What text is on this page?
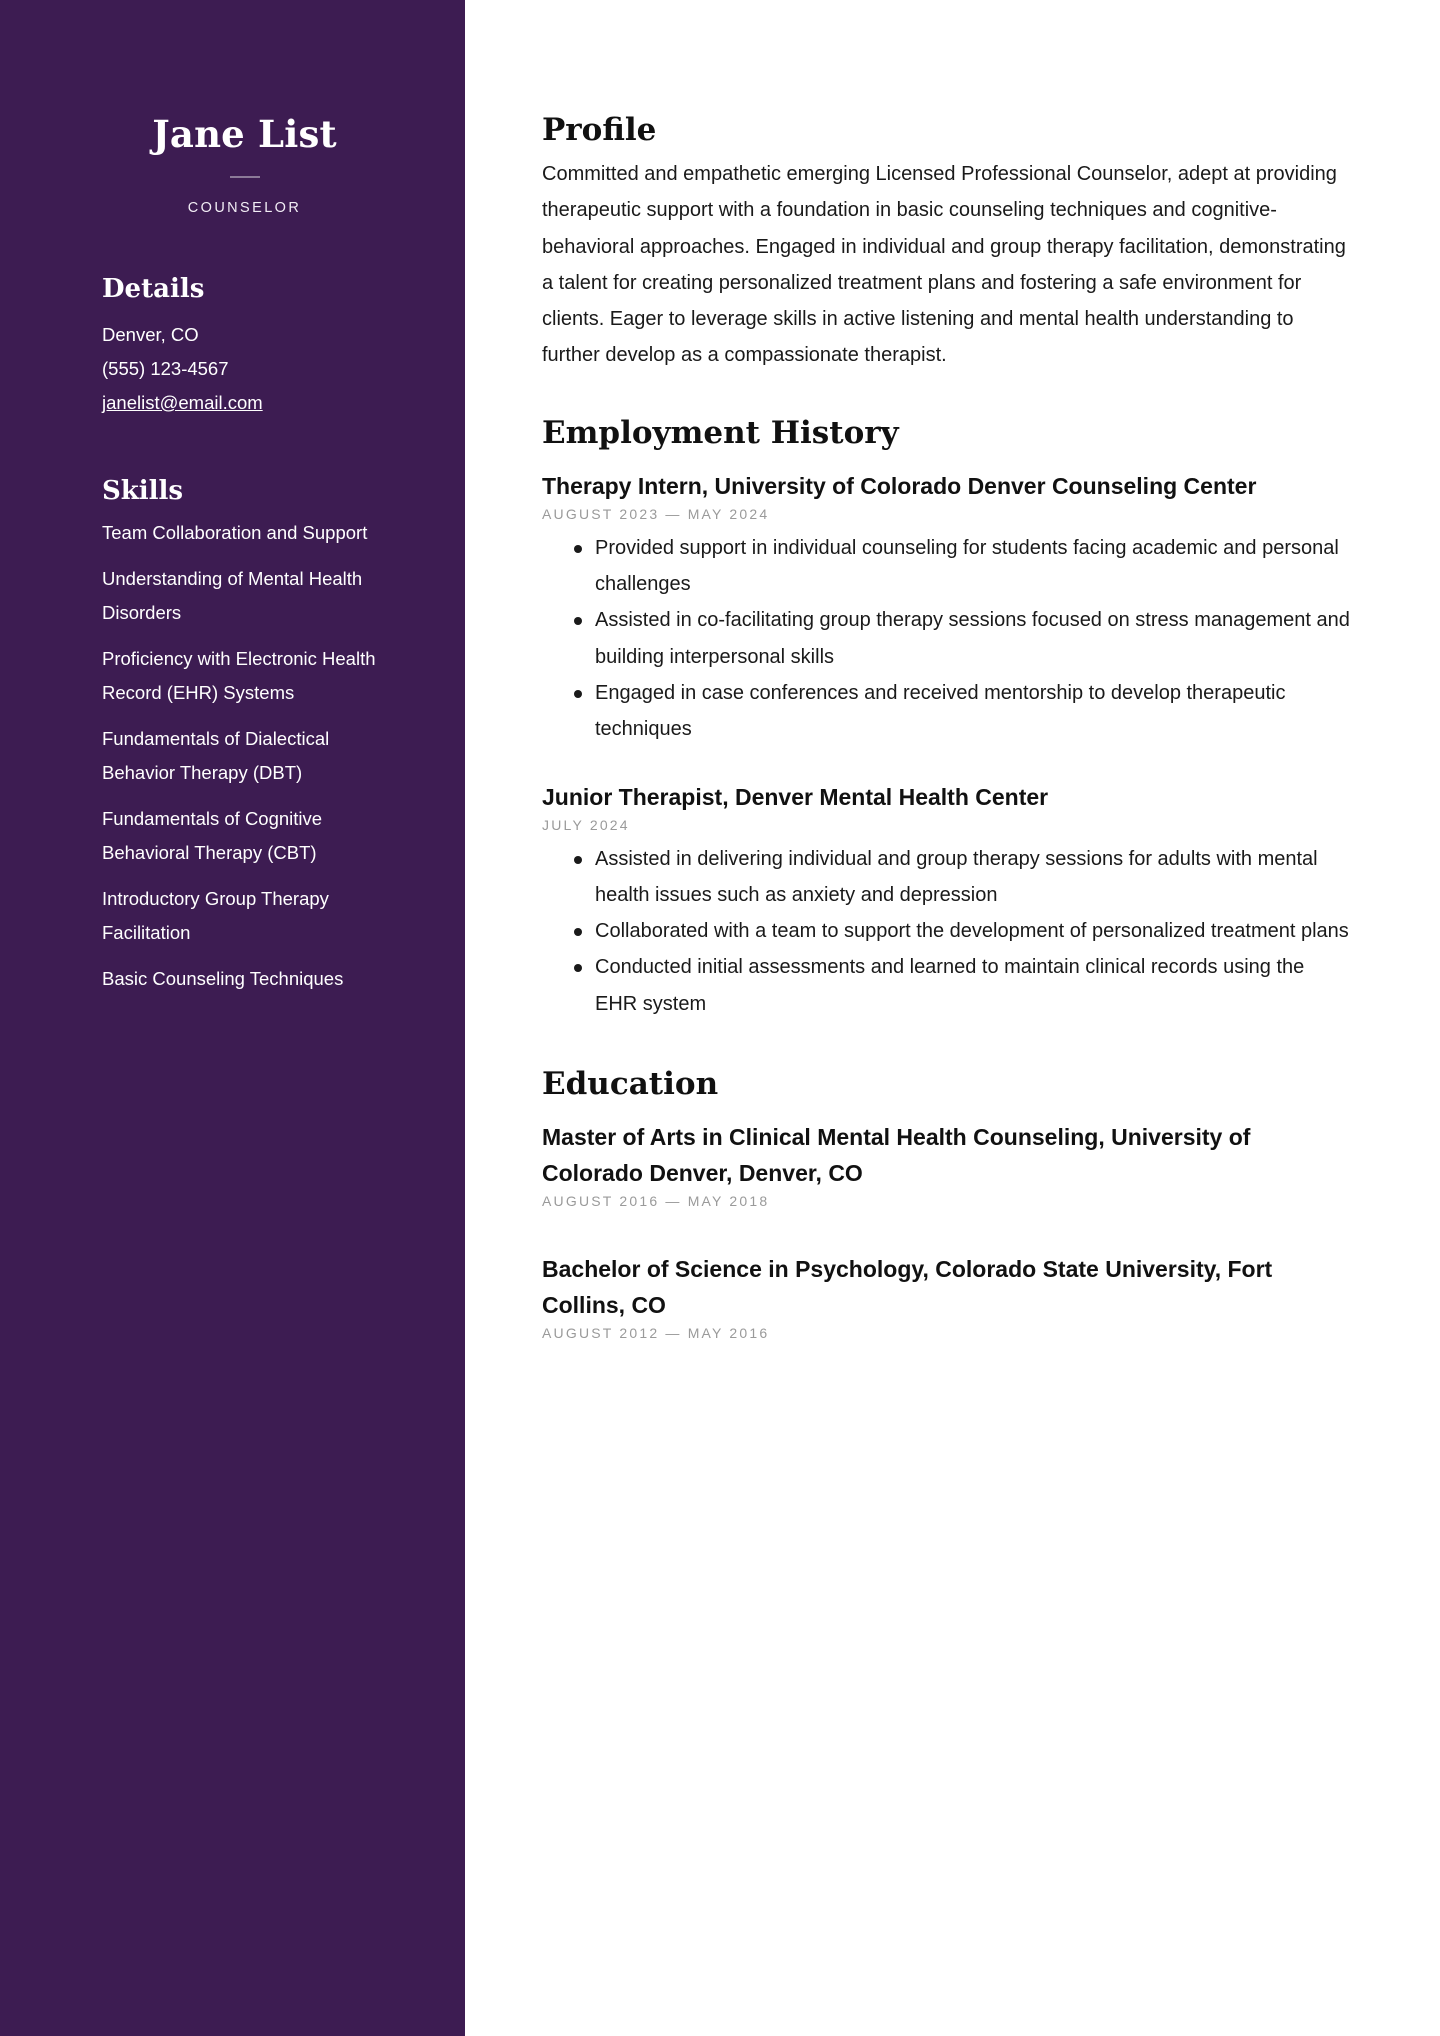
Jane List
COUNSELOR
Details
Denver, CO
(555) 123-4567
janelist@email.com
Skills
Team Collaboration and Support
Understanding of Mental Health Disorders
Proficiency with Electronic Health Record (EHR) Systems
Fundamentals of Dialectical Behavior Therapy (DBT)
Fundamentals of Cognitive Behavioral Therapy (CBT)
Introductory Group Therapy Facilitation
Basic Counseling Techniques
Profile

Committed and empathetic emerging Licensed Professional Counselor, adept at providing therapeutic support with a foundation in basic counseling techniques and cognitive-behavioral approaches. Engaged in individual and group therapy facilitation, demonstrating a talent for creating personalized treatment plans and fostering a safe environment for clients. Eager to leverage skills in active listening and mental health understanding to further develop as a compassionate therapist.

Employment History
Therapy Intern, University of Colorado Denver Counseling Center
AUGUST 2023 — MAY 2024
Provided support in individual counseling for students facing academic and personal challenges
Assisted in co-facilitating group therapy sessions focused on stress management and building interpersonal skills
Engaged in case conferences and received mentorship to develop therapeutic techniques
Junior Therapist, Denver Mental Health Center
JULY 2024
Assisted in delivering individual and group therapy sessions for adults with mental health issues such as anxiety and depression
Collaborated with a team to support the development of personalized treatment plans
Conducted initial assessments and learned to maintain clinical records using the EHR system
Education
Master of Arts in Clinical Mental Health Counseling, University of Colorado Denver, Denver, CO
AUGUST 2016 — MAY 2018
Bachelor of Science in Psychology, Colorado State University, Fort Collins, CO
AUGUST 2012 — MAY 2016
